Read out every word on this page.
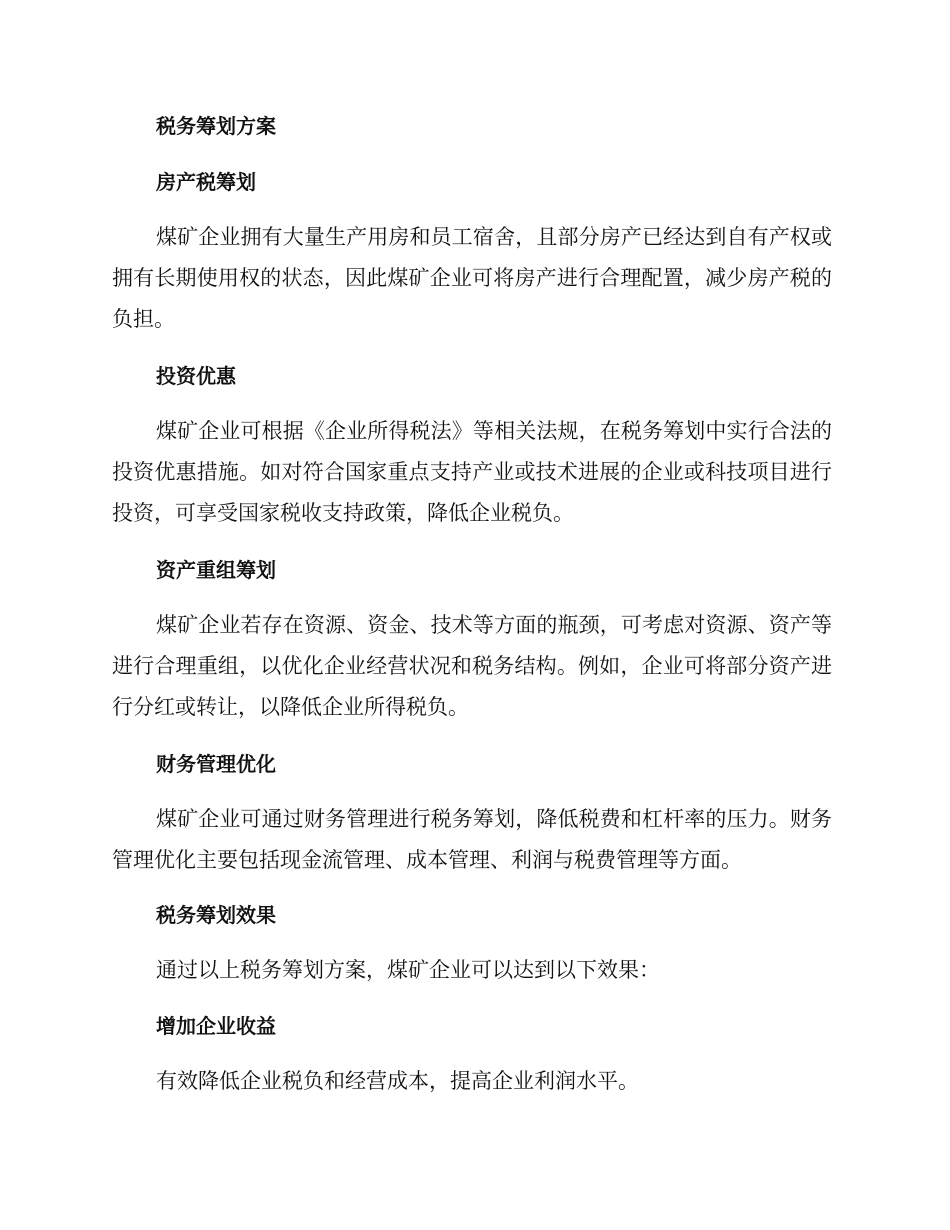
税务筹划方案
房产税筹划

煤矿企业拥有大量生产用房和员工宿舍，且部分房产已经达到自有产权或拥有长期使用权的状态，因此煤矿企业可将房产进行合理配置，减少房产税的负担。

投资优惠

煤矿企业可根据《企业所得税法》等相关法规，在税务筹划中实行合法的投资优惠措施。如对符合国家重点支持产业或技术进展的企业或科技项目进行投资，可享受国家税收支持政策，降低企业税负。

资产重组筹划

煤矿企业若存在资源、资金、技术等方面的瓶颈，可考虑对资源、资产等进行合理重组，以优化企业经营状况和税务结构。例如，企业可将部分资产进行分红或转让，以降低企业所得税负。

财务管理优化

煤矿企业可通过财务管理进行税务筹划，降低税费和杠杆率的压力。财务管理优化主要包括现金流管理、成本管理、利润与税费管理等方面。

税务筹划效果

通过以上税务筹划方案，煤矿企业可以达到以下效果：

增加企业收益

有效降低企业税负和经营成本，提高企业利润水平。
